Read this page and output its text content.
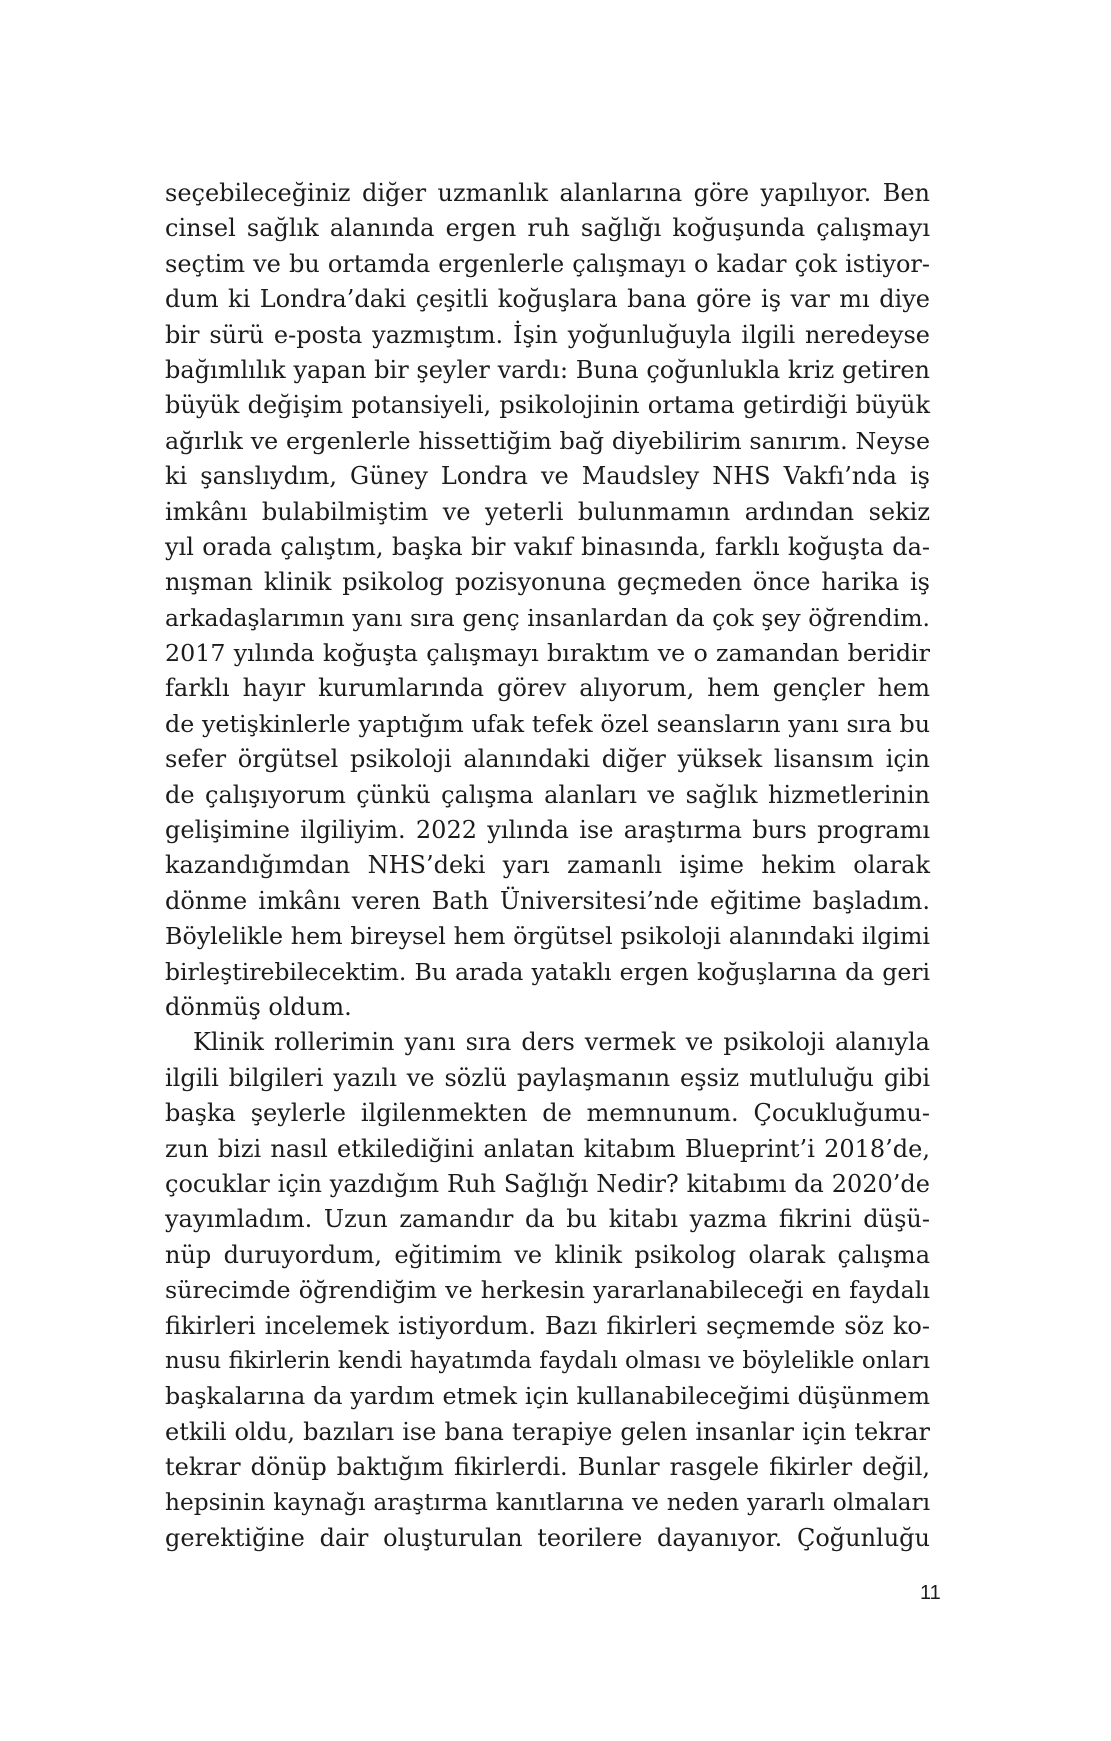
seçebileceğiniz diğer uzmanlık alanlarına göre yapılıyor. Ben
cinsel sağlık alanında ergen ruh sağlığı koğuşunda çalışmayı
seçtim ve bu ortamda ergenlerle çalışmayı o kadar çok istiyor-
dum ki Londra’daki çeşitli koğuşlara bana göre iş var mı diye
bir sürü e-posta yazmıştım. İşin yoğunluğuyla ilgili neredeyse
bağımlılık yapan bir şeyler vardı: Buna çoğunlukla kriz getiren
büyük değişim potansiyeli, psikolojinin ortama getirdiği büyük
ağırlık ve ergenlerle hissettiğim bağ diyebilirim sanırım. Neyse
ki şanslıydım, Güney Londra ve Maudsley NHS Vakfı’nda iş
imkânı bulabilmiştim ve yeterli bulunmamın ardından sekiz
yıl orada çalıştım, başka bir vakıf binasında, farklı koğuşta da-
nışman klinik psikolog pozisyonuna geçmeden önce harika iş
arkadaşlarımın yanı sıra genç insanlardan da çok şey öğrendim.
2017 yılında koğuşta çalışmayı bıraktım ve o zamandan beridir
farklı hayır kurumlarında görev alıyorum, hem gençler hem
de yetişkinlerle yaptığım ufak tefek özel seansların yanı sıra bu
sefer örgütsel psikoloji alanındaki diğer yüksek lisansım için
de çalışıyorum çünkü çalışma alanları ve sağlık hizmetlerinin
gelişimine ilgiliyim. 2022 yılında ise araştırma burs programı
kazandığımdan NHS’deki yarı zamanlı işime hekim olarak
dönme imkânı veren Bath Üniversitesi’nde eğitime başladım.
Böylelikle hem bireysel hem örgütsel psikoloji alanındaki ilgimi
birleştirebilecektim. Bu arada yataklı ergen koğuşlarına da geri
dönmüş oldum.
Klinik rollerimin yanı sıra ders vermek ve psikoloji alanıyla
ilgili bilgileri yazılı ve sözlü paylaşmanın eşsiz mutluluğu gibi
başka şeylerle ilgilenmekten de memnunum. Çocukluğumu-
zun bizi nasıl etkilediğini anlatan kitabım Blueprint’i 2018’de,
çocuklar için yazdığım Ruh Sağlığı Nedir? kitabımı da 2020’de
yayımladım. Uzun zamandır da bu kitabı yazma fikrini düşü-
nüp duruyordum, eğitimim ve klinik psikolog olarak çalışma
sürecimde öğrendiğim ve herkesin yararlanabileceği en faydalı
fikirleri incelemek istiyordum. Bazı fikirleri seçmemde söz ko-
nusu fikirlerin kendi hayatımda faydalı olması ve böylelikle onları
başkalarına da yardım etmek için kullanabileceğimi düşünmem
etkili oldu, bazıları ise bana terapiye gelen insanlar için tekrar
tekrar dönüp baktığım fikirlerdi. Bunlar rasgele fikirler değil,
hepsinin kaynağı araştırma kanıtlarına ve neden yararlı olmaları
gerektiğine dair oluşturulan teorilere dayanıyor. Çoğunluğu
11
